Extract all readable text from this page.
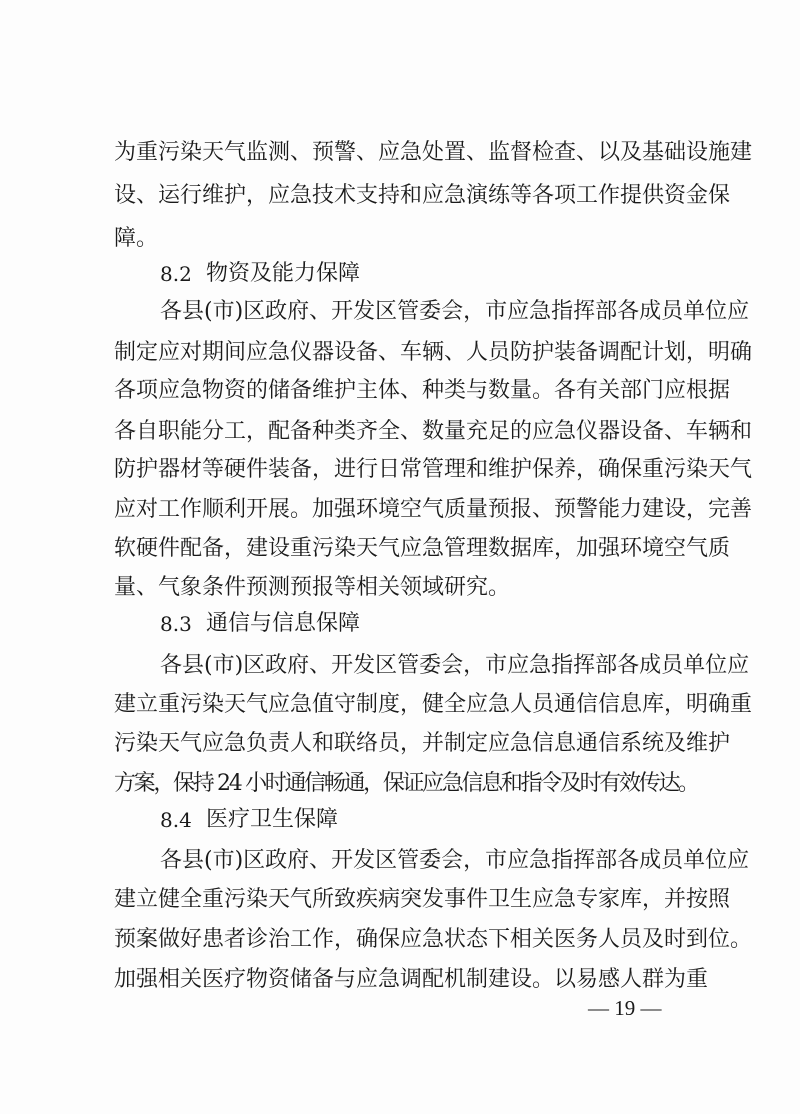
为重污染天气监测、预警、应急处置、监督检查、以及基础设施建
设、运行维护，应急技术支持和应急演练等各项工作提供资金保
障。
8.2 物资及能力保障
各县(市)区政府、开发区管委会，市应急指挥部各成员单位应
制定应对期间应急仪器设备、车辆、人员防护装备调配计划，明确
各项应急物资的储备维护主体、种类与数量。各有关部门应根据
各自职能分工，配备种类齐全、数量充足的应急仪器设备、车辆和
防护器材等硬件装备，进行日常管理和维护保养，确保重污染天气
应对工作顺利开展。加强环境空气质量预报、预警能力建设，完善
软硬件配备，建设重污染天气应急管理数据库，加强环境空气质
量、气象条件预测预报等相关领域研究。
8.3 通信与信息保障
各县(市)区政府、开发区管委会，市应急指挥部各成员单位应
建立重污染天气应急值守制度，健全应急人员通信信息库，明确重
污染天气应急负责人和联络员，并制定应急信息通信系统及维护
方案，保持 24 小时通信畅通，保证应急信息和指令及时有效传达。
8.4 医疗卫生保障
各县(市)区政府、开发区管委会，市应急指挥部各成员单位应
建立健全重污染天气所致疾病突发事件卫生应急专家库，并按照
预案做好患者诊治工作，确保应急状态下相关医务人员及时到位。
加强相关医疗物资储备与应急调配机制建设。以易感人群为重
— 19 —
